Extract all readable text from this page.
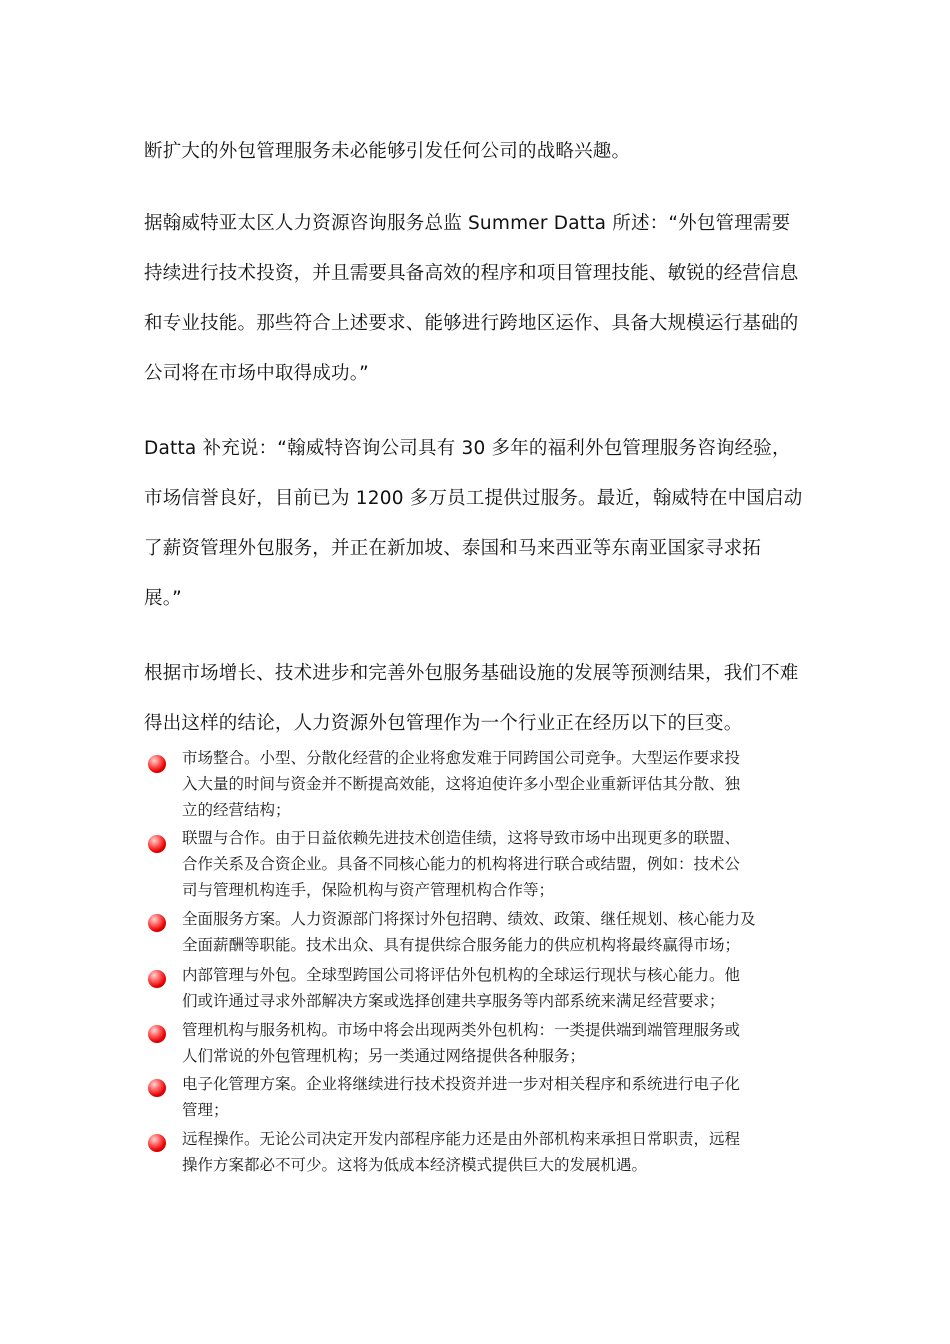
断扩大的外包管理服务未必能够引发任何公司的战略兴趣。
据翰威特亚太区人力资源咨询服务总监 Summer Datta 所述：“外包管理需要
持续进行技术投资，并且需要具备高效的程序和项目管理技能、敏锐的经营信息
和专业技能。那些符合上述要求、能够进行跨地区运作、具备大规模运行基础的
公司将在市场中取得成功。”
Datta 补充说：“翰威特咨询公司具有 30 多年的福利外包管理服务咨询经验，
市场信誉良好，目前已为 1200 多万员工提供过服务。最近，翰威特在中国启动
了薪资管理外包服务，并正在新加坡、泰国和马来西亚等东南亚国家寻求拓
展。”
根据市场增长、技术进步和完善外包服务基础设施的发展等预测结果，我们不难
得出这样的结论，人力资源外包管理作为一个行业正在经历以下的巨变。
市场整合。小型、分散化经营的企业将愈发难于同跨国公司竞争。大型运作要求投
入大量的时间与资金并不断提高效能，这将迫使许多小型企业重新评估其分散、独
立的经营结构；
联盟与合作。由于日益依赖先进技术创造佳绩，这将导致市场中出现更多的联盟、
合作关系及合资企业。具备不同核心能力的机构将进行联合或结盟，例如：技术公
司与管理机构连手，保险机构与资产管理机构合作等；
全面服务方案。人力资源部门将探讨外包招聘、绩效、政策、继任规划、核心能力及
全面薪酬等职能。技术出众、具有提供综合服务能力的供应机构将最终赢得市场；
内部管理与外包。全球型跨国公司将评估外包机构的全球运行现状与核心能力。他
们或许通过寻求外部解决方案或选择创建共享服务等内部系统来满足经营要求；
管理机构与服务机构。市场中将会出现两类外包机构：一类提供端到端管理服务或
人们常说的外包管理机构；另一类通过网络提供各种服务；
电子化管理方案。企业将继续进行技术投资并进一步对相关程序和系统进行电子化
管理；
远程操作。无论公司决定开发内部程序能力还是由外部机构来承担日常职责，远程
操作方案都必不可少。这将为低成本经济模式提供巨大的发展机遇。
